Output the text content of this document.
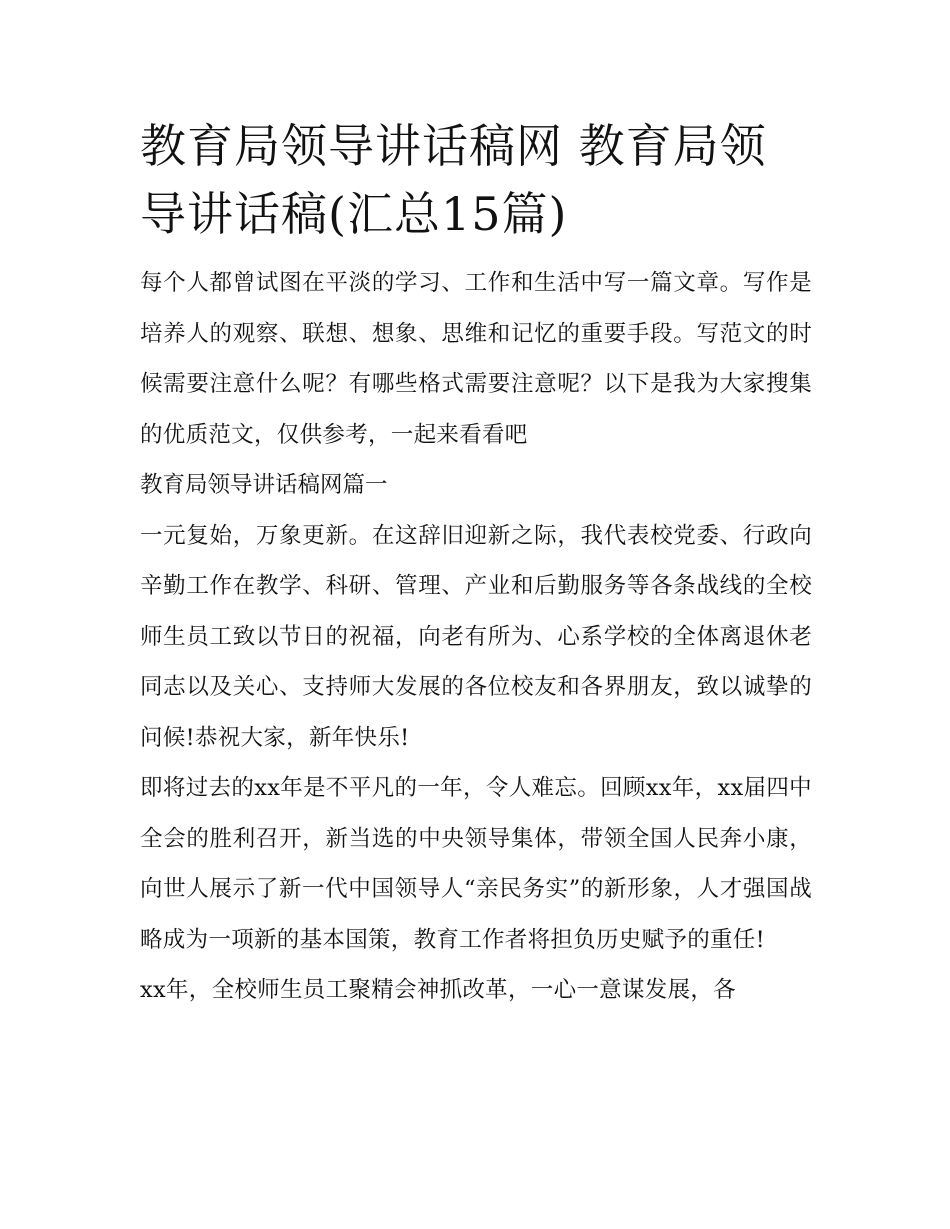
教育局领导讲话稿网 教育局领导讲话稿(汇总15篇)

每个人都曾试图在平淡的学习、工作和生活中写一篇文章。写作是培养人的观察、联想、想象、思维和记忆的重要手段。写范文的时候需要注意什么呢？有哪些格式需要注意呢？以下是我为大家搜集的优质范文，仅供参考，一起来看看吧

教育局领导讲话稿网篇一

一元复始，万象更新。在这辞旧迎新之际，我代表校党委、行政向辛勤工作在教学、科研、管理、产业和后勤服务等各条战线的全校师生员工致以节日的祝福，向老有所为、心系学校的全体离退休老同志以及关心、支持师大发展的各位校友和各界朋友，致以诚挚的问候!恭祝大家，新年快乐!

即将过去的xx年是不平凡的一年，令人难忘。回顾xx年，xx届四中全会的胜利召开，新当选的中央领导集体，带领全国人民奔小康，向世人展示了新一代中国领导人“亲民务实”的新形象，人才强国战略成为一项新的基本国策，教育工作者将担负历史赋予的重任!

xx年，全校师生员工聚精会神抓改革，一心一意谋发展，各
